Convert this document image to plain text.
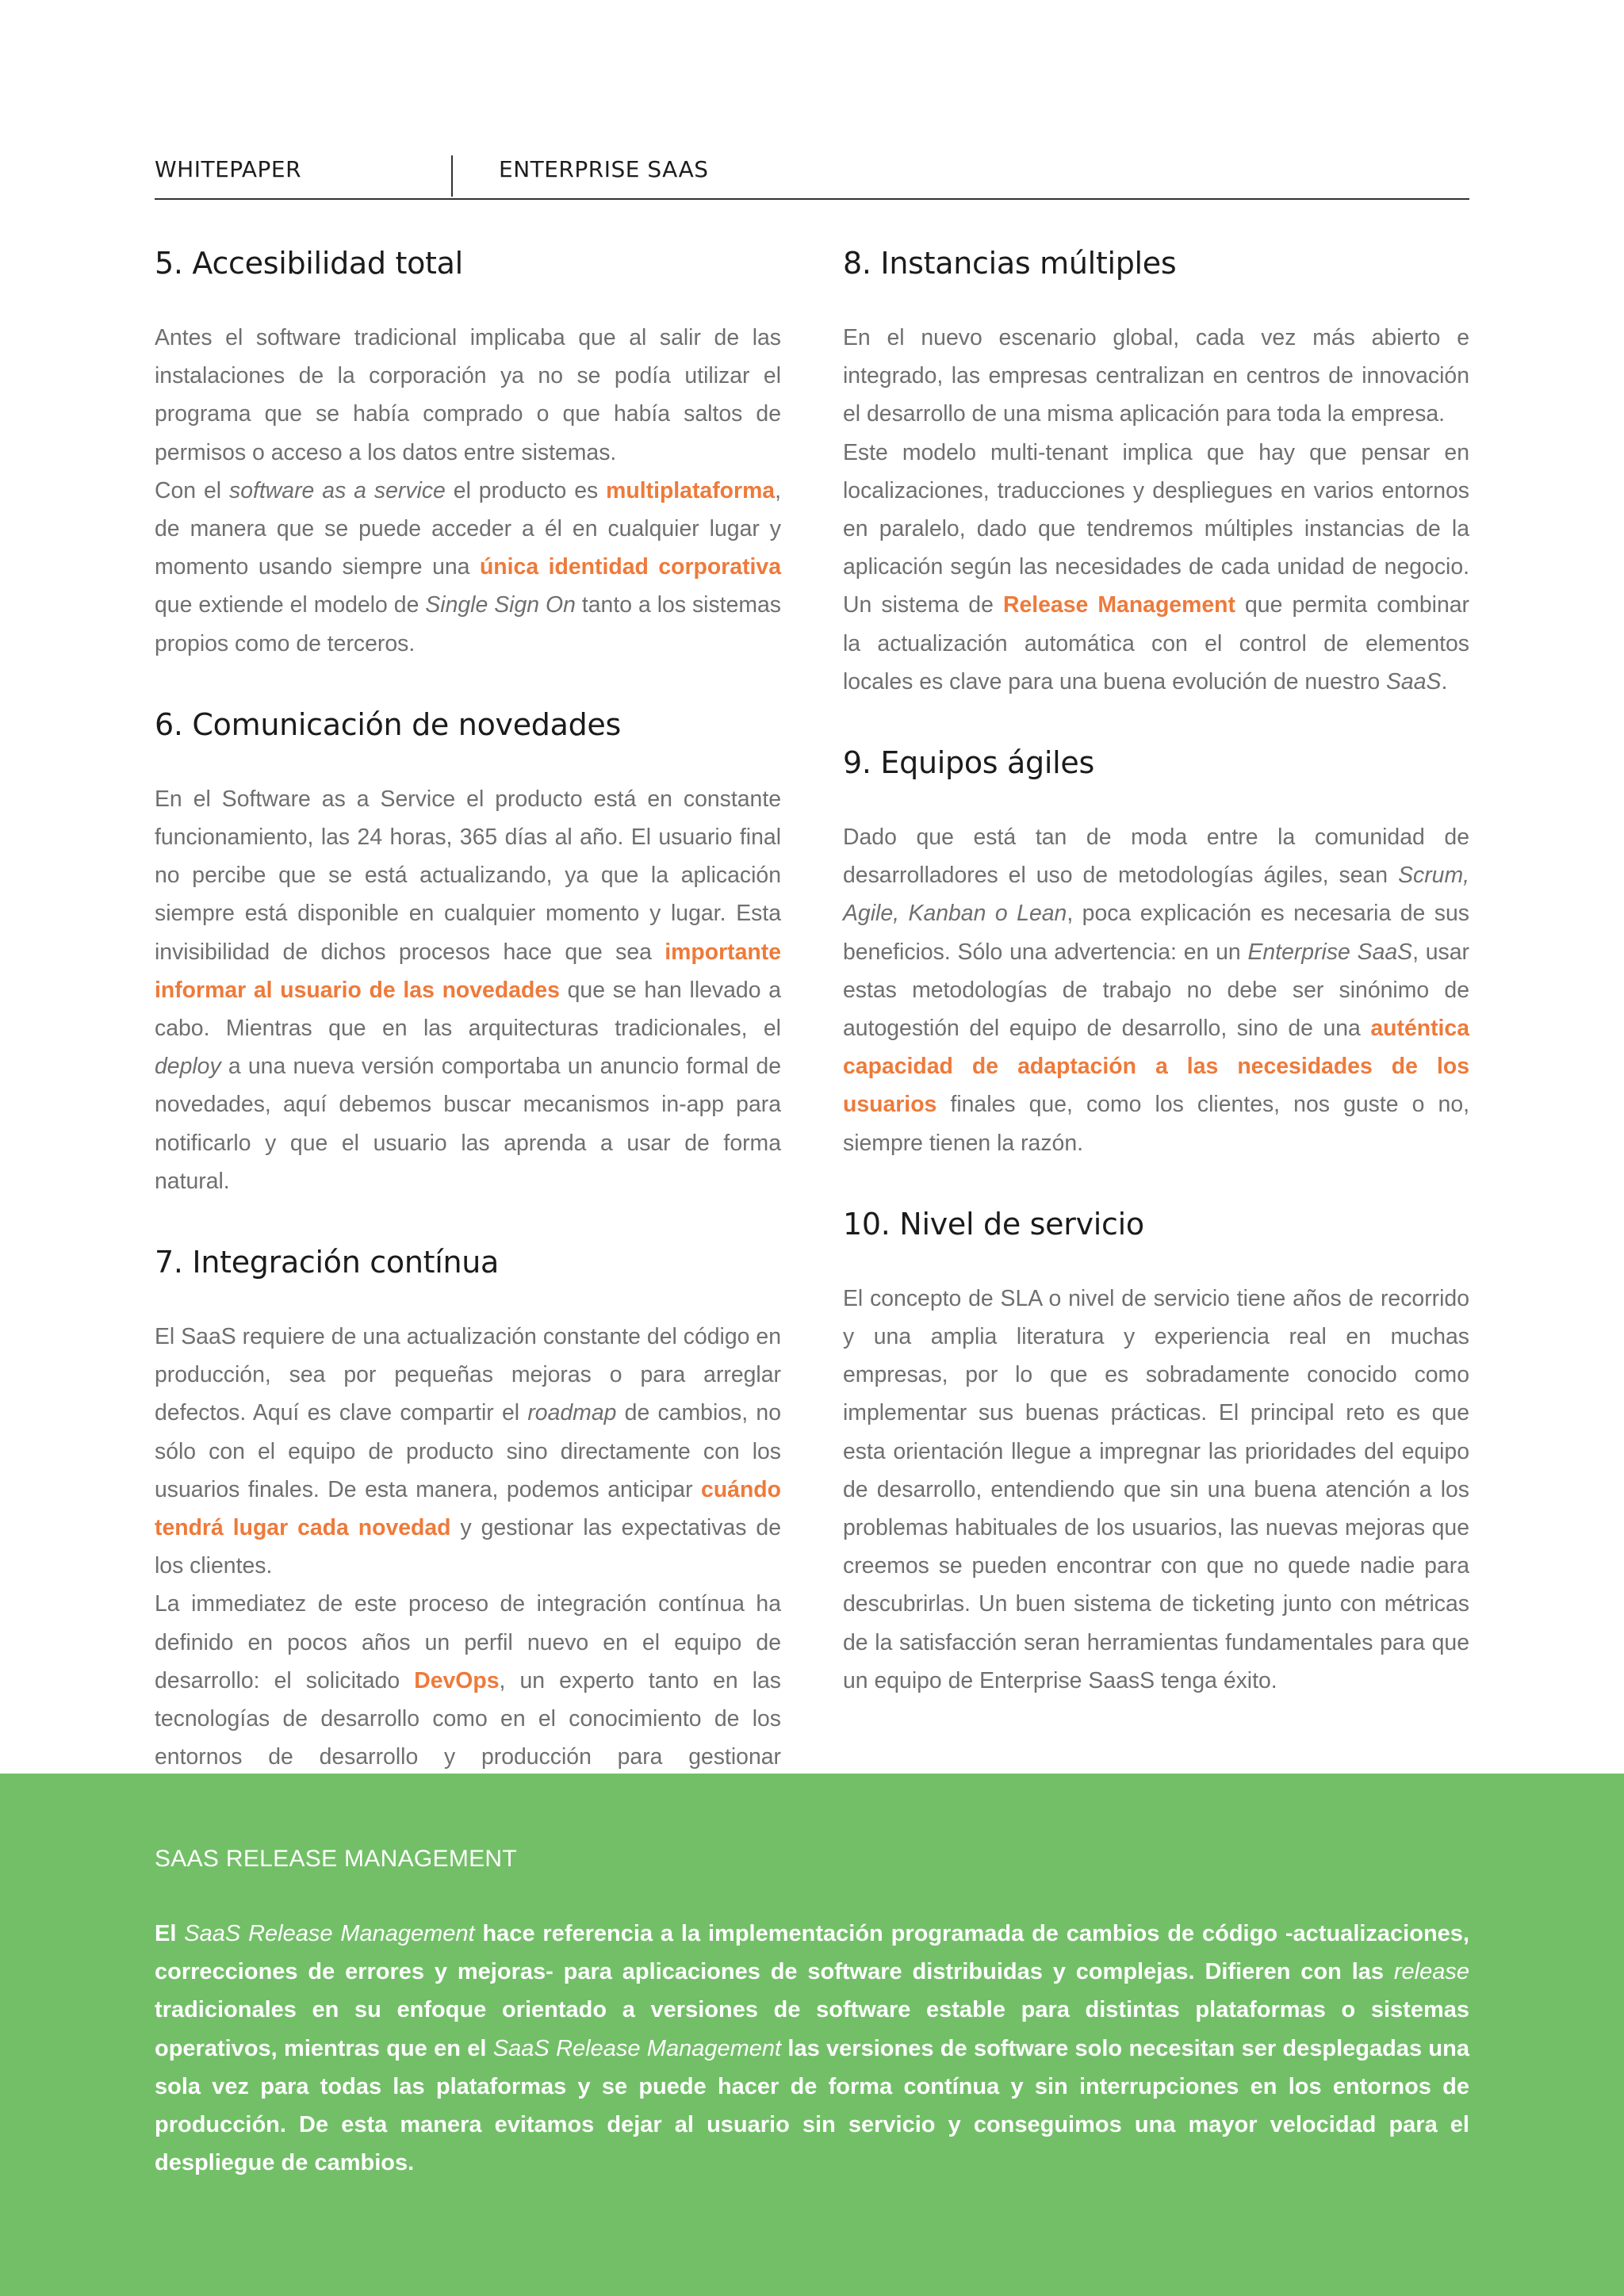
WHITEPAPER	ENTERPRISE SAAS
5. Accesibilidad total

Antes el software tradicional implicaba que al salir de las instalaciones de la corporación ya no se podía utilizar el programa que se había comprado o que había saltos de permisos o acceso a los datos entre sistemas.

Con el software as a service el producto es multiplataforma, de manera que se puede acceder a él en cualquier lugar y momento usando siempre una única identidad corporativa que extiende el modelo de Single Sign On tanto a los sistemas propios como de terceros.

6. Comunicación de novedades

En el Software as a Service el producto está en constante funcionamiento, las 24 horas, 365 días al año. El usuario final no percibe que se está actualizando, ya que la aplicación siempre está disponible en cualquier momento y lugar. Esta invisibilidad de dichos procesos hace que sea importante informar al usuario de las novedades que se han llevado a cabo. Mientras que en las arquitecturas tradicionales, el deploy a una nueva versión comportaba un anuncio formal de novedades, aquí debemos buscar mecanismos in-app para notificarlo y que el usuario las aprenda a usar de forma natural.

7. Integración contínua

El SaaS requiere de una actualización constante del código en producción, sea por pequeñas mejoras o para arreglar defectos. Aquí es clave compartir el roadmap de cambios, no sólo con el equipo de producto sino directamente con los usuarios finales. De esta manera, podemos anticipar cuándo tendrá lugar cada novedad y gestionar las expectativas de los clientes.

La immediatez de este proceso de integración contínua ha definido en pocos años un perfil nuevo en el equipo de desarrollo: el solicitado DevOps, un experto tanto en las tecnologías de desarrollo como en el conocimiento de los entornos de desarrollo y producción para gestionar

8. Instancias múltiples

En el nuevo escenario global, cada vez más abierto e integrado, las empresas centralizan en centros de innovación el desarrollo de una misma aplicación para toda la empresa.

Este modelo multi-tenant implica que hay que pensar en localizaciones, traducciones y despliegues en varios entornos en paralelo, dado que tendremos múltiples instancias de la aplicación según las necesidades de cada unidad de negocio. Un sistema de Release Management que permita combinar la actualización automática con el control de elementos locales es clave para una buena evolución de nuestro SaaS.

9. Equipos ágiles

Dado que está tan de moda entre la comunidad de desarrolladores el uso de metodologías ágiles, sean Scrum, Agile, Kanban o Lean, poca explicación es necesaria de sus beneficios. Sólo una advertencia: en un Enterprise SaaS, usar estas metodologías de trabajo no debe ser sinónimo de autogestión del equipo de desarrollo, sino de una auténtica capacidad de adaptación a las necesidades de los usuarios finales que, como los clientes, nos guste o no, siempre tienen la razón.

10. Nivel de servicio

El concepto de SLA o nivel de servicio tiene años de recorrido y una amplia literatura y experiencia real en muchas empresas, por lo que es sobradamente conocido como implementar sus buenas prácticas. El principal reto es que esta orientación llegue a impregnar las prioridades del equipo de desarrollo, entendiendo que sin una buena atención a los problemas habituales de los usuarios, las nuevas mejoras que creemos se pueden encontrar con que no quede nadie para descubrirlas. Un buen sistema de ticketing junto con métricas de la satisfacción seran herramientas fundamentales para que un equipo de Enterprise SaasS tenga éxito.

SAAS RELEASE MANAGEMENT
El SaaS Release Management hace referencia a la implementación programada de cambios de código -actualizaciones, correcciones de errores y mejoras- para aplicaciones de software distribuidas y complejas. Difieren con las release tradicionales en su enfoque orientado a versiones de software estable para distintas plataformas o sistemas operativos, mientras que en el SaaS Release Management las versiones de software solo necesitan ser desplegadas una sola vez para todas las plataformas y se puede hacer de forma contínua y sin interrupciones en los entornos de producción. De esta manera evitamos dejar al usuario sin servicio y conseguimos una mayor velocidad para el despliegue de cambios.
